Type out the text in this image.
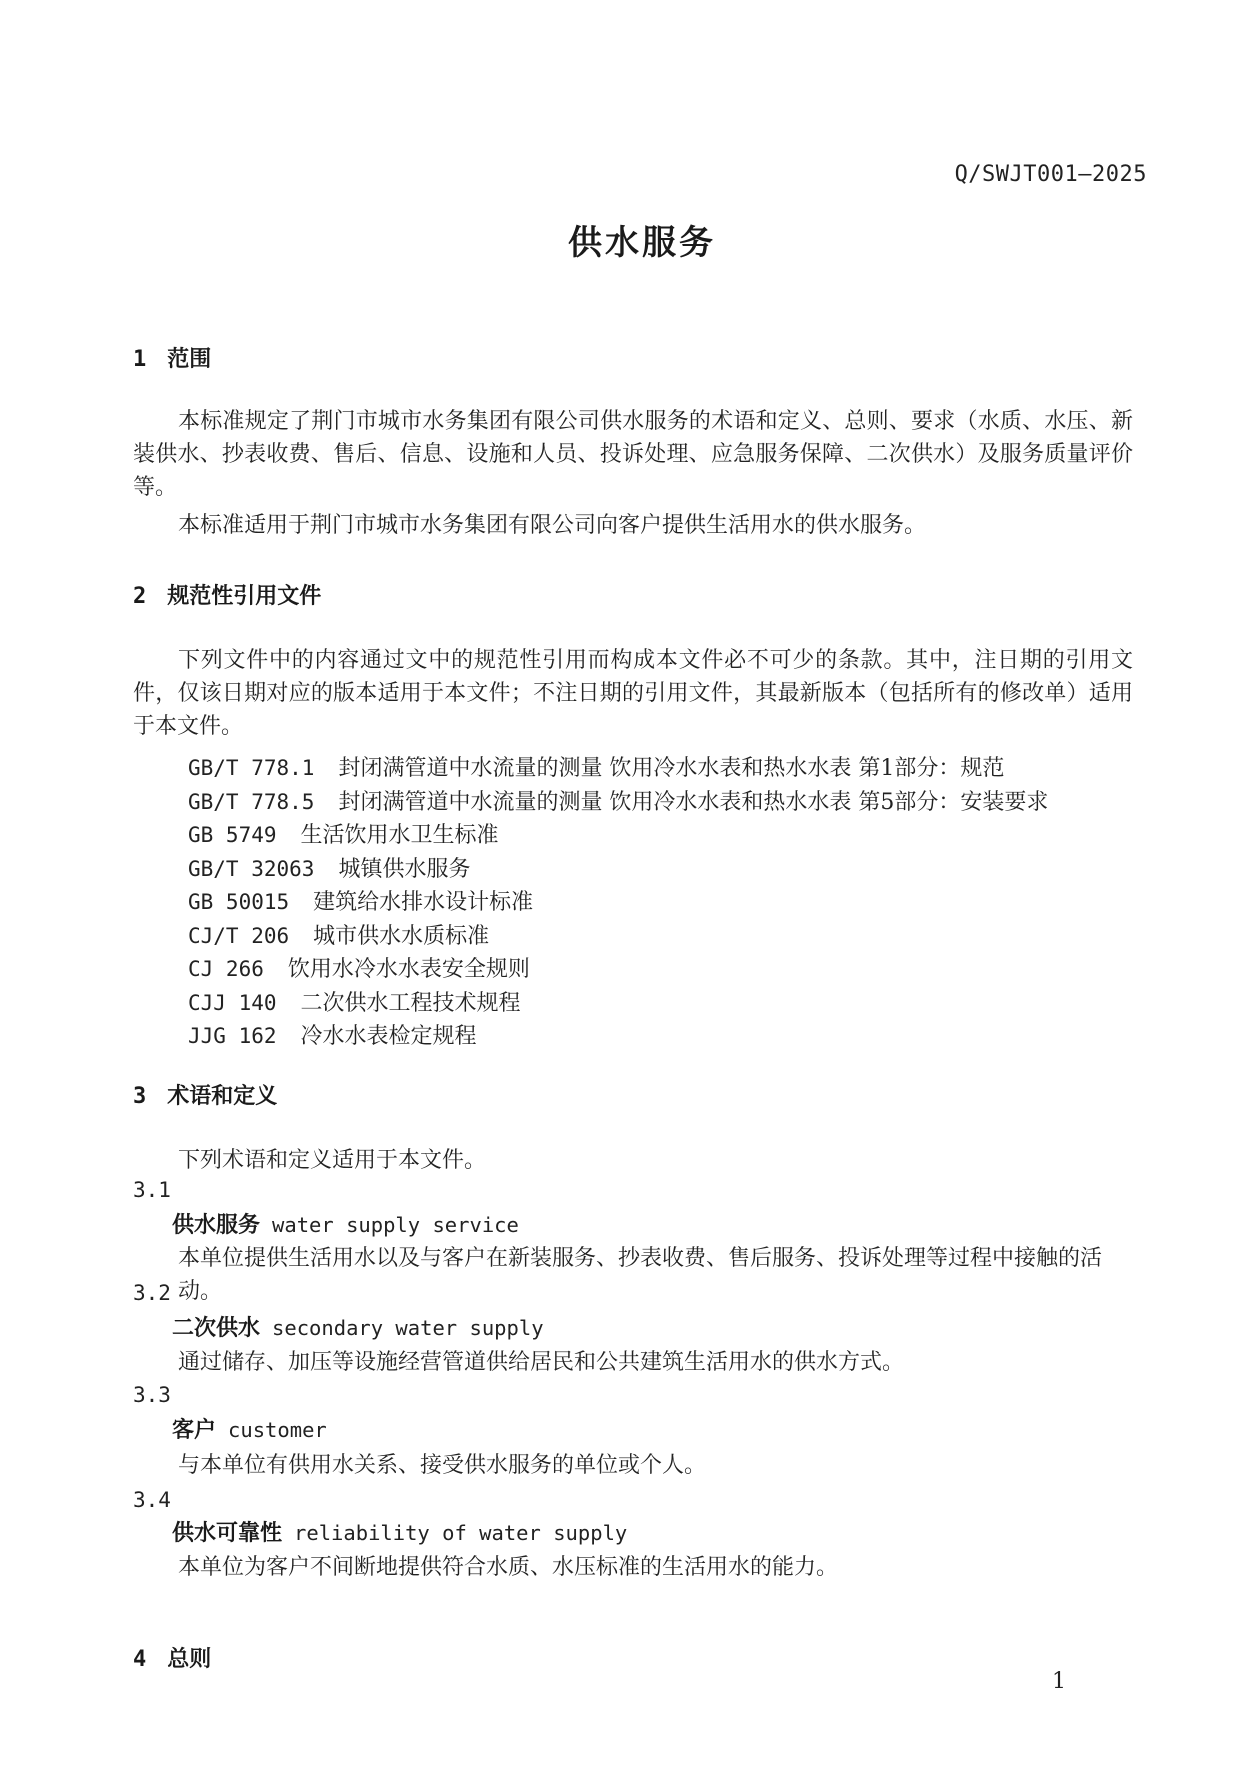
Q/SWJT001—2025
供水服务
1 范围

本标准规定了荆门市城市水务集团有限公司供水服务的术语和定义、总则、要求（水质、水压、新装供水、抄表收费、售后、信息、设施和人员、投诉处理、应急服务保障、二次供水）及服务质量评价等。

本标准适用于荆门市城市水务集团有限公司向客户提供生活用水的供水服务。

2 规范性引用文件

下列文件中的内容通过文中的规范性引用而构成本文件必不可少的条款。其中，注日期的引用文件，仅该日期对应的版本适用于本文件；不注日期的引用文件，其最新版本（包括所有的修改单）适用于本文件。

GB/T 778.1 封闭满管道中水流量的测量 饮用冷水水表和热水水表 第1部分：规范
GB/T 778.5 封闭满管道中水流量的测量 饮用冷水水表和热水水表 第5部分：安装要求
GB 5749 生活饮用水卫生标准
GB/T 32063 城镇供水服务
GB 50015 建筑给水排水设计标准
CJ/T 206 城市供水水质标准
CJ 266 饮用水冷水水表安全规则
CJJ 140 二次供水工程技术规程
JJG 162 冷水水表检定规程
3 术语和定义

下列术语和定义适用于本文件。

3.1
供水服务 water supply service

本单位提供生活用水以及与客户在新装服务、抄表收费、售后服务、投诉处理等过程中接触的活动。

3.2
二次供水 secondary water supply

通过储存、加压等设施经营管道供给居民和公共建筑生活用水的供水方式。

3.3
客户 customer

与本单位有供用水关系、接受供水服务的单位或个人。

3.4
供水可靠性 reliability of water supply

本单位为客户不间断地提供符合水质、水压标准的生活用水的能力。

4 总则
1
